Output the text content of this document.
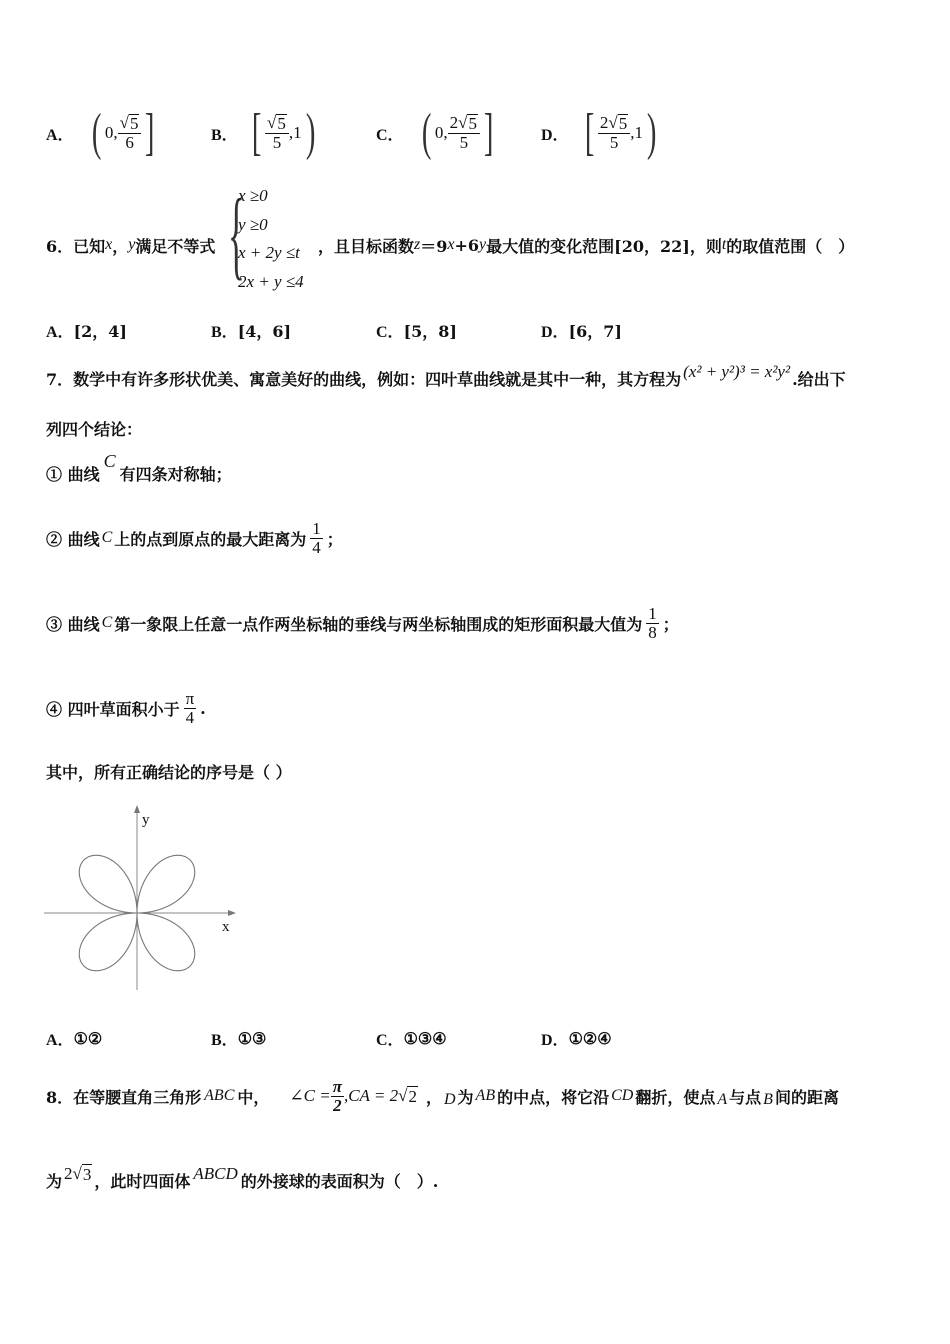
A． ( 0, $\frac{√ 5}{6}$ ]	B． [ $\frac{√ 5}{5} ,1$ )	C． ( 0, $\frac{2√ 5}{5}$ ]	D． [ $\frac{2√ 5}{5} ,1$ )
6．已知 x ， y 满足不等式 {
x ≥0
y ≥0
x + 2y ≤t
2x + y ≤4
，且目标函数 z ＝9 x +6 y 最大值的变化范围[20，22]，则 t 的取值范围（　）
A． [2，4]	B． [4，6]	C． [5，8]	D． [6，7]
7．数学中有许多形状优美、寓意美好的曲线，例如：四叶草曲线就是其中一种，其方程为 (x² + y²)³ = x²y² .给出下
列四个结论：
① 曲线
C
有四条对称轴；
② 曲线 C 上的点到原点的最大距离为 $\frac{1}{4}$ ；
③ 曲线 C 第一象限上任意一点作两坐标轴的垂线与两坐标轴围成的矩形面积最大值为 $\frac{1}{8}$ ；
④ 四叶草面积小于 $\frac{\pi}{4}$ .
其中，所有正确结论的序号是（ ）
y
x
A． ①②	B． ①③	C． ①③④	D． ①②④
8．在等腰直角三角形 ABC 中， ∠C = $\frac{\pi}{2} ,CA = 2$ √ 2 ， D 为 AB 的中点，将它沿 CD 翻折，使点 A 与点 B 间的距离
为 2√ 3 ，此时四面体 ABCD 的外接球的表面积为（　）.
